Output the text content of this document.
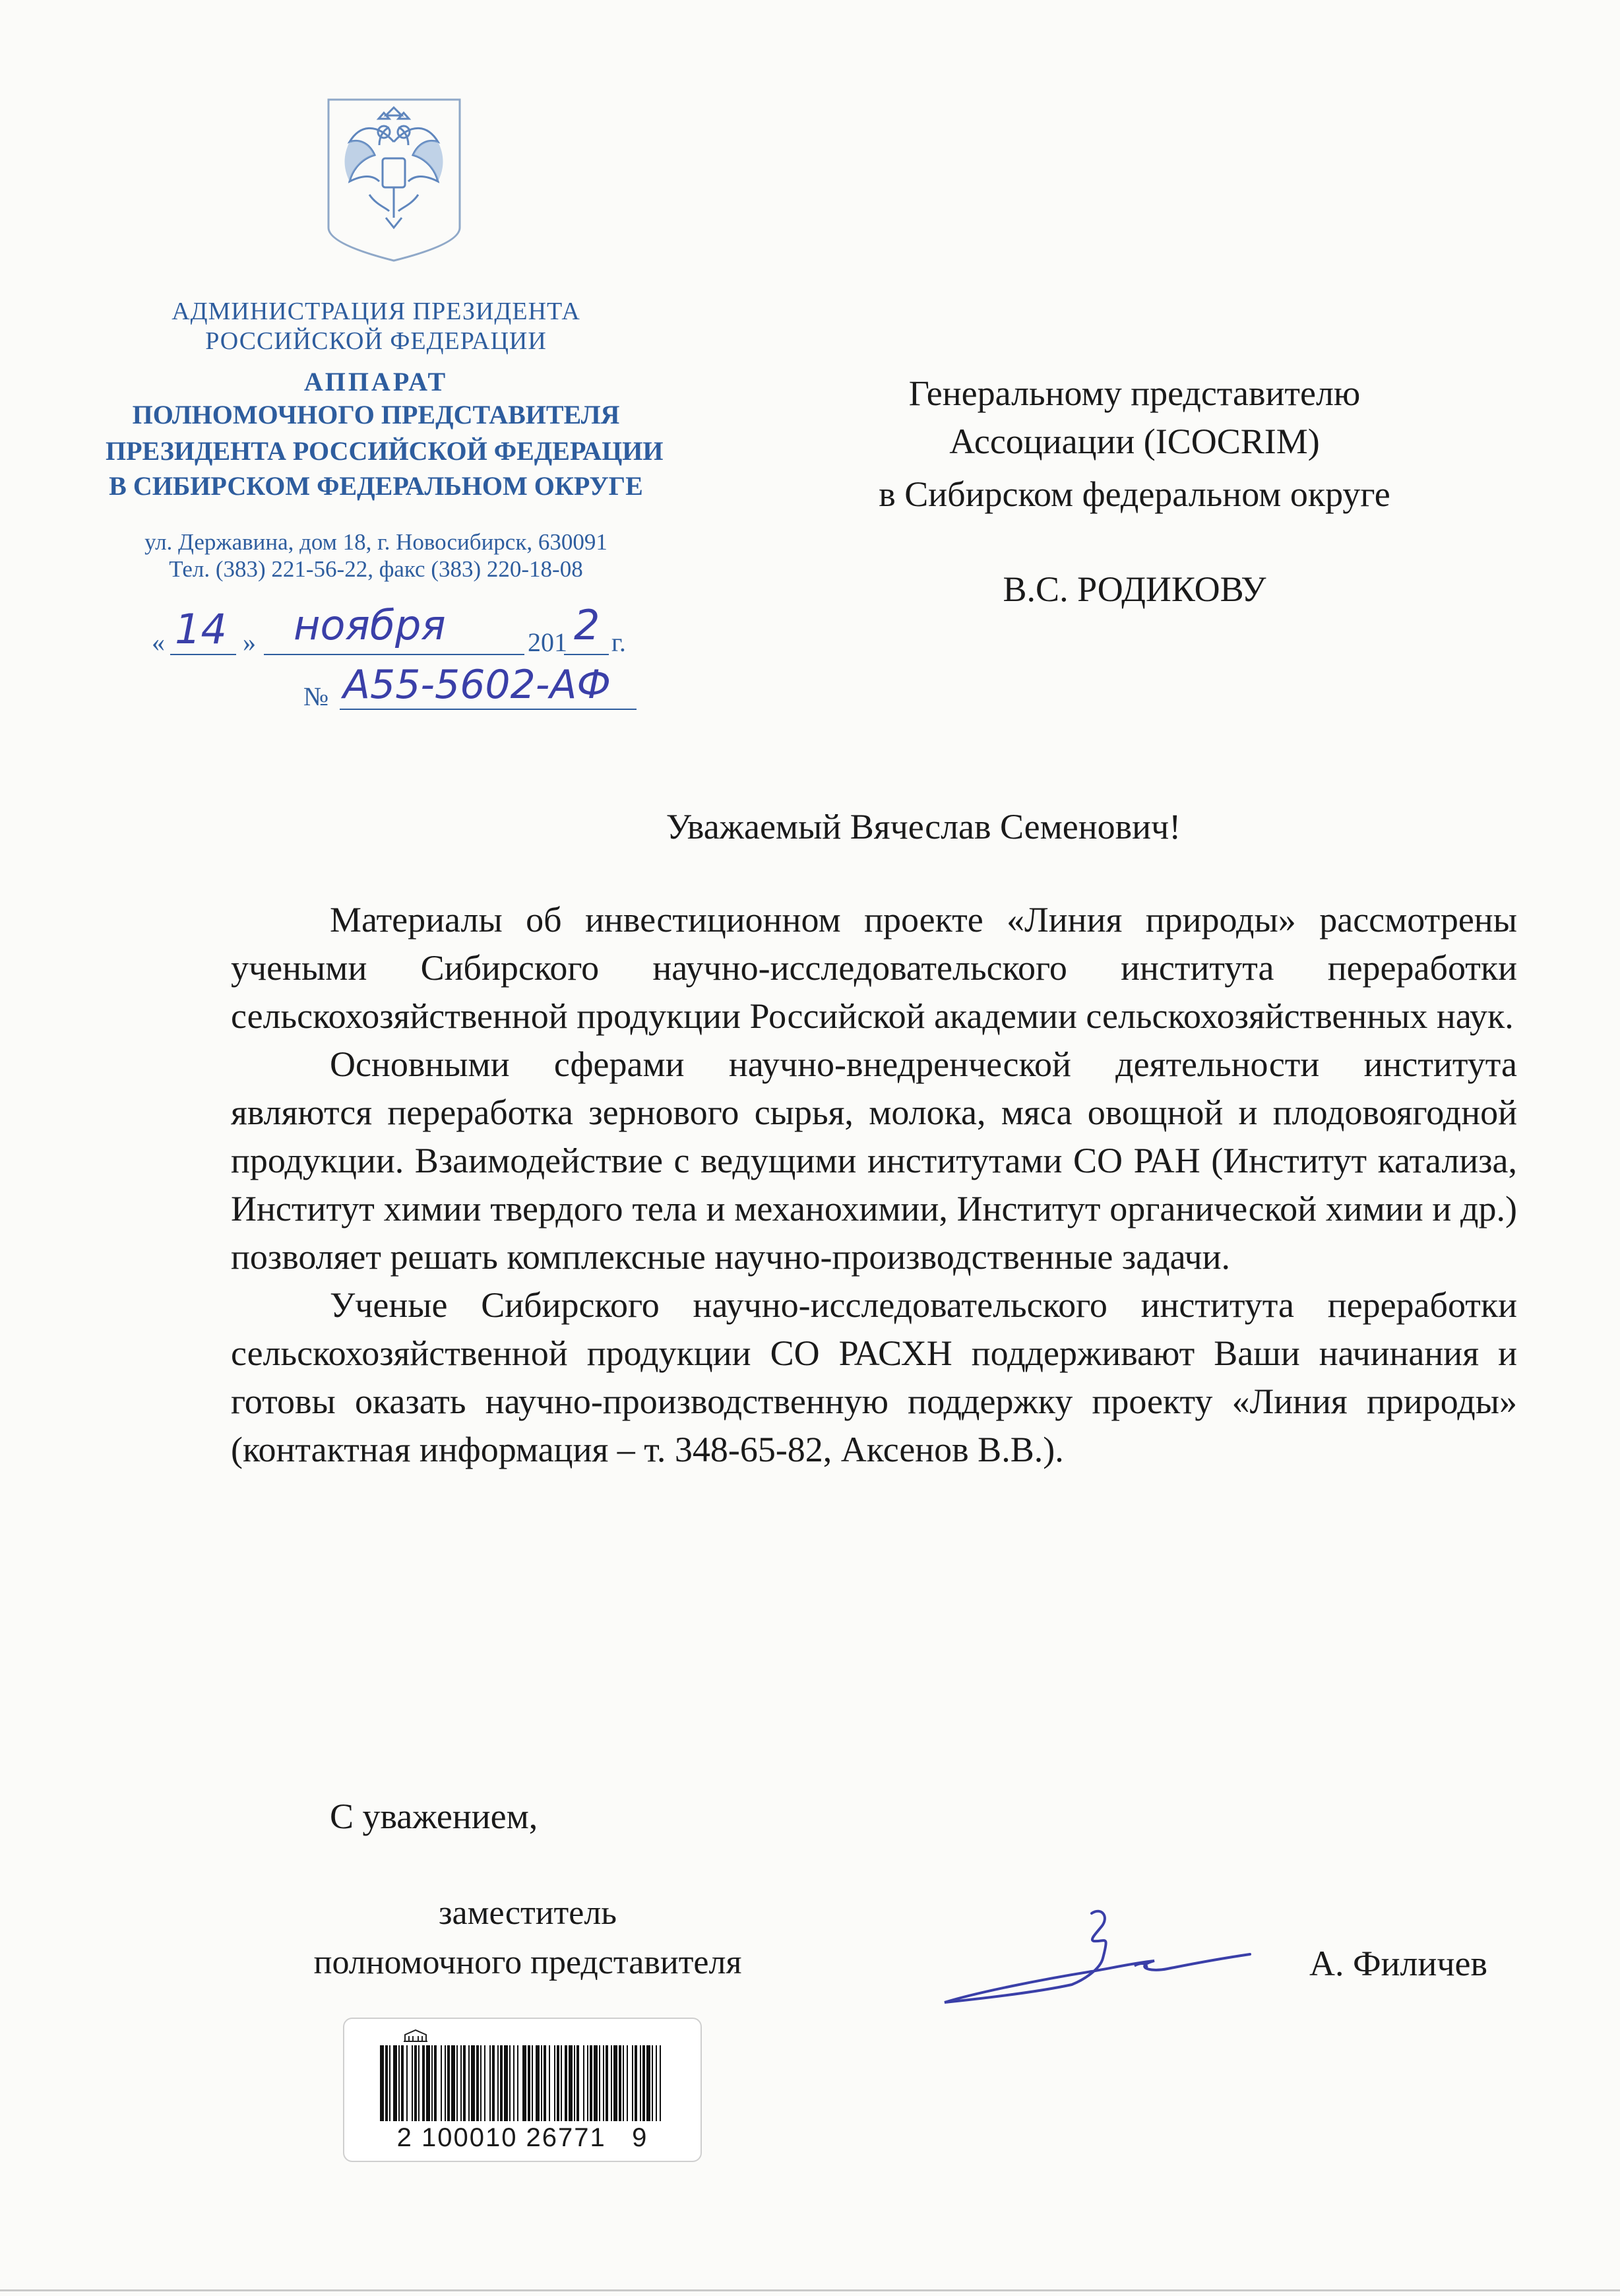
АДМИНИСТРАЦИЯ ПРЕЗИДЕНТА
РОССИЙСКОЙ ФЕДЕРАЦИИ
АППАРАТ
ПОЛНОМОЧНОГО ПРЕДСТАВИТЕЛЯ
ПРЕЗИДЕНТА РОССИЙСКОЙ ФЕДЕРАЦИИ
В СИБИРСКОМ ФЕДЕРАЛЬНОМ ОКРУГЕ
ул. Державина, дом 18, г. Новосибирск, 630091
Тел. (383) 221-56-22, факс (383) 220-18-08
« 14 » ноября	201 2 г.
№ А55-5602-АФ
Генеральному представителю
Ассоциации (ICOCRIM)
в Сибирском федеральном округе
В.С. РОДИКОВУ
Уважаемый Вячеслав Семенович!

Материалы об инвестиционном проекте «Линия природы» рассмотрены учеными Сибирского научно-исследовательского института переработки сельскохозяйственной продукции Российской академии сельскохозяйственных наук.

Основными сферами научно-внедренческой деятельности института являются переработка зернового сырья, молока, мяса овощной и плодовоягодной продукции. Взаимодействие с ведущими институтами СО РАН (Институт катализа, Институт химии твердого тела и механохимии, Институт органической химии и др.) позволяет решать комплексные научно-производственные задачи.

Ученые Сибирского научно-исследовательского института переработки сельскохозяйственной продукции СО РАСХН поддерживают Ваши начинания и готовы оказать научно-производственную поддержку проекту «Линия природы» (контактная информация – т. 348-65-82, Аксенов В.В.).

С уважением,
заместитель
полномочного представителя	А. Филичев
2 100010 26771   9
